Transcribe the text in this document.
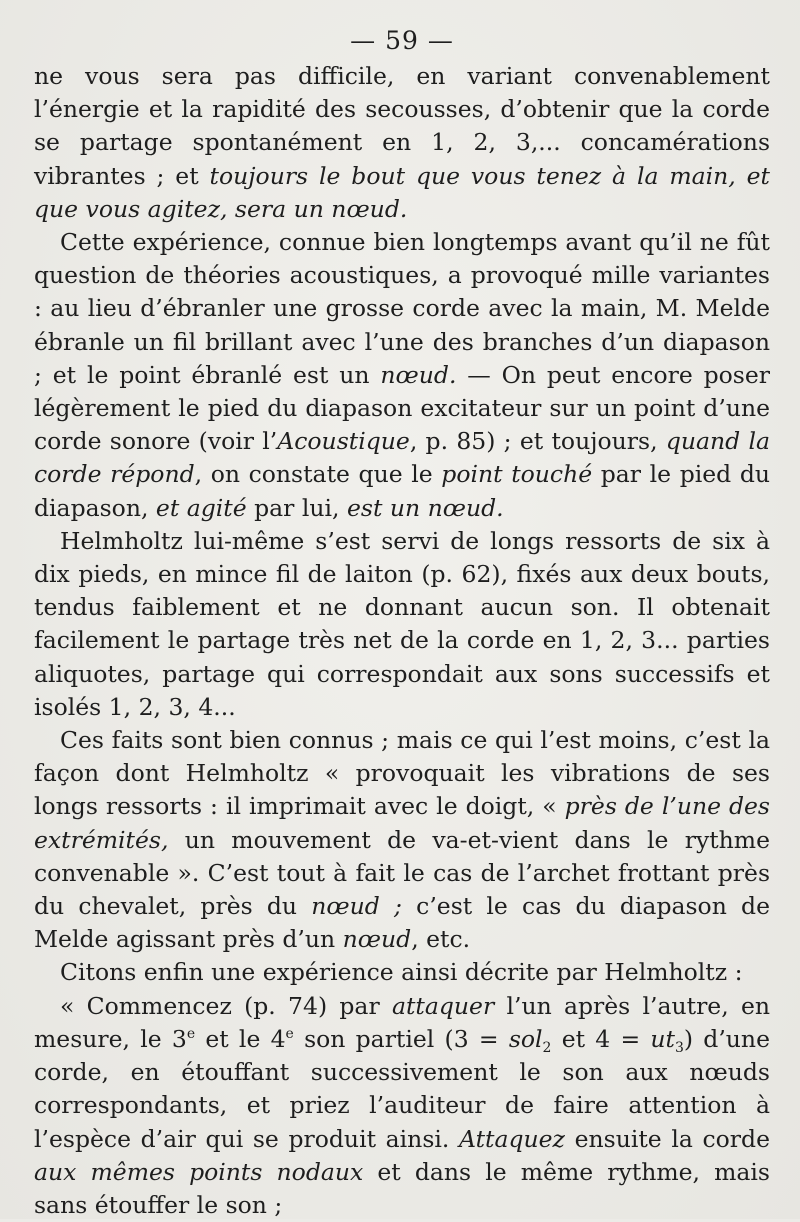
— 59 —

ne vous sera pas difficile, en variant convenablement l’énergie et la rapidité des secousses, d’obtenir que la corde se partage spontanément en 1, 2, 3,... concamérations vibrantes ; et toujours le bout que vous tenez à la main, et que vous agitez, sera un nœud.

Cette expérience, connue bien longtemps avant qu’il ne fût question de théories acoustiques, a provoqué mille variantes : au lieu d’ébranler une grosse corde avec la main, M. Melde ébranle un fil brillant avec l’une des branches d’un diapason ; et le point ébranlé est un nœud. — On peut encore poser légèrement le pied du diapason excitateur sur un point d’une corde sonore (voir l’Acoustique, p. 85) ; et toujours, quand la corde répond, on constate que le point touché par le pied du diapason, et agité par lui, est un nœud.

Helmholtz lui-même s’est servi de longs ressorts de six à dix pieds, en mince fil de laiton (p. 62), fixés aux deux bouts, tendus faiblement et ne donnant aucun son. Il obtenait facilement le partage très net de la corde en 1, 2, 3... parties aliquotes, partage qui correspondait aux sons successifs et isolés 1, 2, 3, 4...

Ces faits sont bien connus ; mais ce qui l’est moins, c’est la façon dont Helmholtz « provoquait les vibrations de ses longs ressorts : il imprimait avec le doigt, « près de l’une des extrémités, un mouvement de va-et-vient dans le rythme convenable ». C’est tout à fait le cas de l’archet frottant près du chevalet, près du nœud ; c’est le cas du diapason de Melde agissant près d’un nœud, etc.

Citons enfin une expérience ainsi décrite par Helmholtz :

« Commencez (p. 74) par attaquer l’un après l’autre, en mesure, le 3e et le 4e son partiel (3 = sol$_2$ et $4 = ut_3$) d’une corde, en étouffant successivement le son aux nœuds correspondants, et priez l’auditeur de faire attention à l’espèce d’air qui se produit ainsi. Attaquez ensuite la corde aux mêmes points nodaux et dans le même rythme, mais sans étouffer le son ;
